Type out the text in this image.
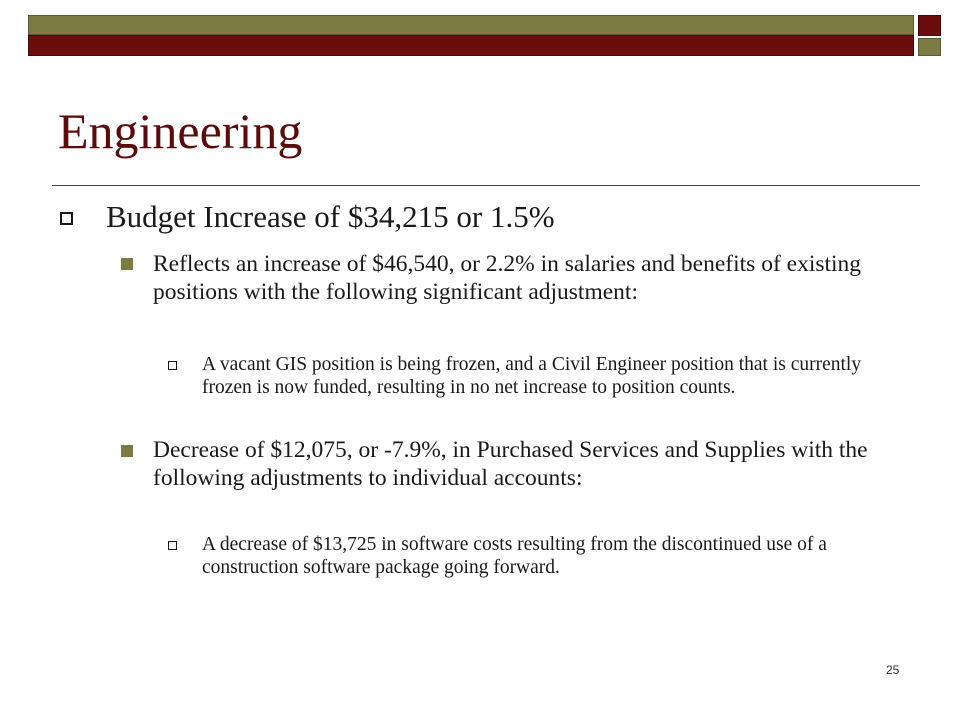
Engineering
Budget Increase of $34,215 or 1.5%
Reflects an increase of $46,540, or 2.2% in salaries and benefits of existing positions with the following significant adjustment:
A vacant GIS position is being frozen, and a Civil Engineer position that is currently frozen is now funded, resulting in no net increase to position counts.
Decrease of $12,075, or -7.9%, in Purchased Services and Supplies with the following adjustments to individual accounts:
A decrease of $13,725 in software costs resulting from the discontinued use of a construction software package going forward.
25
